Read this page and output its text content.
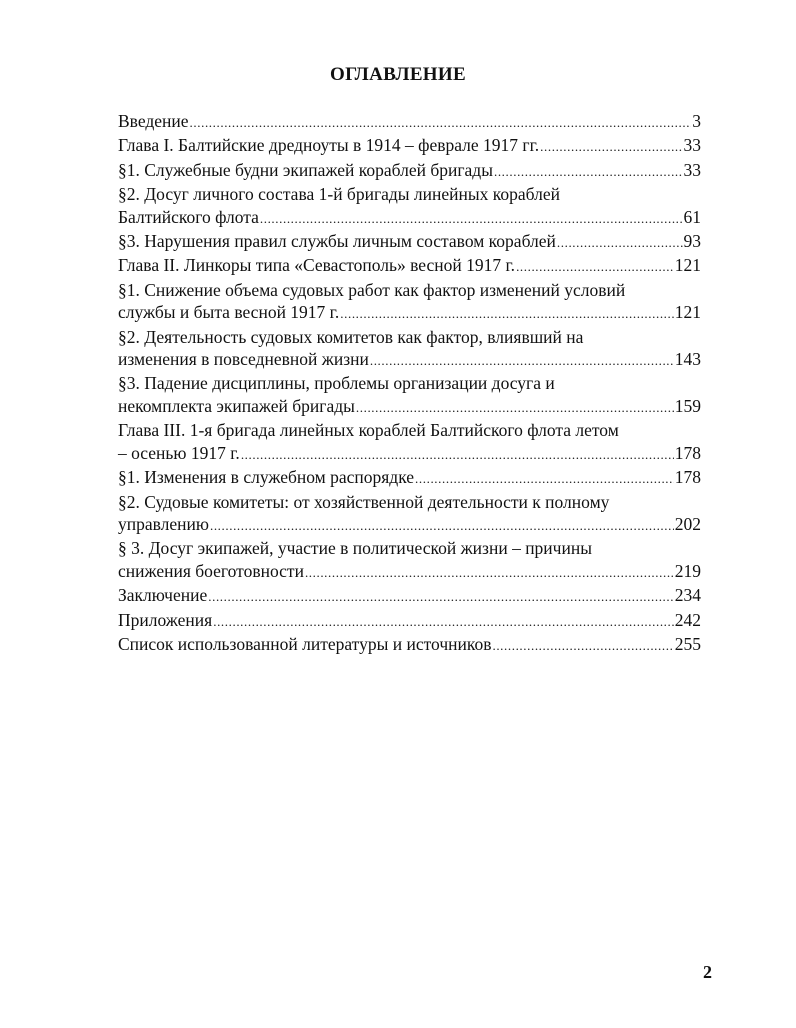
ОГЛАВЛЕНИЕ
Введение .....	3
Глава I. Балтийские дредноуты в 1914 – феврале 1917 гг. .....	33
§1. Служебные будни экипажей кораблей бригады .....	33
§2. Досуг личного состава 1-й бригады линейных кораблей
Балтийского флота .....	61
§3. Нарушения правил службы личным составом кораблей .....	93
Глава II. Линкоры типа «Севастополь» весной 1917 г. .....	121
§1. Снижение объема судовых работ как фактор изменений условий
службы и быта весной 1917 г. .....	121
§2. Деятельность судовых комитетов как фактор, влиявший на
изменения в повседневной жизни .....	143
§3. Падение дисциплины, проблемы организации досуга и
некомплекта экипажей бригады .....	159
Глава III. 1-я бригада линейных кораблей Балтийского флота летом
– осенью 1917 г. .....	178
§1. Изменения в служебном распорядке .....	178
§2. Судовые комитеты: от хозяйственной деятельности к полному
управлению .....	202
§ 3. Досуг экипажей, участие в политической жизни – причины
снижения боеготовности .....	219
Заключение .....	234
Приложения .....	242
Список использованной литературы и источников .....	255
2
